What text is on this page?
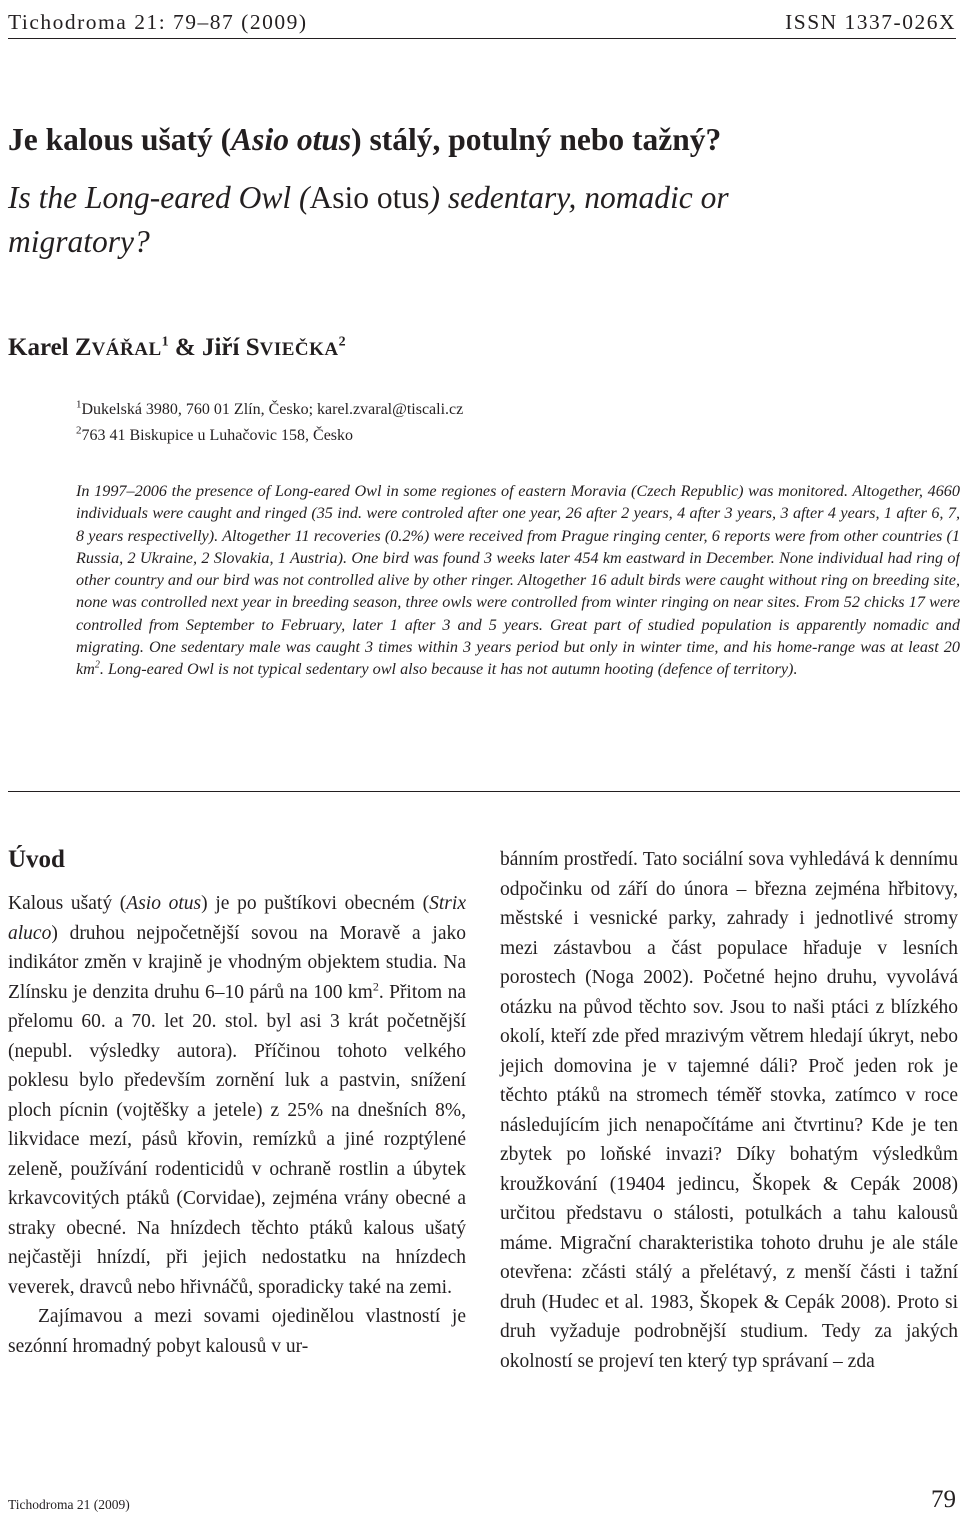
Tichodroma 21: 79–87 (2009)	ISSN 1337-026X
Je kalous ušatý (Asio otus) stálý, potulný nebo tažný?
Is the Long-eared Owl (Asio otus) sedentary, nomadic or migratory?
Karel ZVÁŘAL$^1$ & Jiří SVIEČKA$^2$
$^1$Dukelská 3980, 760 01 Zlín, Česko; karel.zvaral@tiscali.cz
$^2$763 41 Biskupice u Luhačovic 158, Česko

In 1997–2006 the presence of Long-eared Owl in some regiones of eastern Moravia (Czech Republic) was monitored. Altogether, 4660 individuals were caught and ringed (35 ind. were controled after one year, 26 after 2 years, 4 after 3 years, 3 after 4 years, 1 after 6, 7, 8 years respectivelly). Altogether 11 recoveries (0.2%) were received from Prague ringing center, 6 reports were from other countries (1 Russia, 2 Ukraine, 2 Slovakia, 1 Austria). One bird was found 3 weeks later 454 km eastward in December. None individual had ring of other country and our bird was not controlled alive by other ringer. Altogether 16 adult birds were caught without ring on breeding site, none was controlled next year in breeding season, three owls were controlled from winter ringing on near sites. From 52 chicks 17 were controlled from September to February, later 1 after 3 and 5 years. Great part of studied population is apparently nomadic and migrating. One sedentary male was caught 3 times within 3 years period but only in winter time, and his home-range was at least 20 $km^2$. Long-eared Owl is not typical sedentary owl also because it has not autumn hooting (defence of territory).

Úvod

Kalous ušatý (Asio otus) je po puštíkovi obecném (Strix aluco) druhou nejpočetnější sovou na Moravě a jako indikátor změn v krajině je vhodným objektem studia. Na Zlínsku je denzita druhu 6–10 párů na 100 $km^2$. Přitom na přelomu 60. a 70. let 20. stol. byl asi 3 krát početnější (nepubl. výsledky autora). Příčinou tohoto velkého poklesu bylo především zornění luk a pastvin, snížení ploch pícnin (vojtěšky a jetele) z 25% na dnešních 8%, likvidace mezí, pásů křovin, remízků a jiné rozptýlené zeleně, používání rodenticidů v ochraně rostlin a úbytek krkavcovitých ptáků (Corvidae), zejména vrány obecné a straky obecné. Na hnízdech těchto ptáků kalous ušatý nejčastěji hnízdí, při jejich nedostatku na hnízdech veverek, dravců nebo hřivnáčů, sporadicky také na zemi.

Zajímavou a mezi sovami ojedinělou vlastností je sezónní hromadný pobyt kalousů v ur-

bánním prostředí. Tato sociální sova vyhledává k dennímu odpočinku od září do února – března zejména hřbitovy, městské i vesnické parky, zahrady i jednotlivé stromy mezi zástavbou a část populace hřaduje v lesních porostech (Noga 2002). Početné hejno druhu, vyvolává otázku na původ těchto sov. Jsou to naši ptáci z blízkého okolí, kteří zde před mrazivým větrem hledají úkryt, nebo jejich domovina je v tajemné dáli? Proč jeden rok je těchto ptáků na stromech téměř stovka, zatímco v roce následujícím jich nenapočítáme ani čtvrtinu? Kde je ten zbytek po loňské invazi? Díky bohatým výsledkům kroužkování (19404 jedincu, Škopek & Cepák 2008) určitou představu o stálosti, potulkách a tahu kalousů máme. Migrační charakteristika tohoto druhu je ale stále otevřena: zčásti stálý a přelétavý, z menší části i tažní druh (Hudec et al. 1983, Škopek & Cepák 2008). Proto si druh vyžaduje podrobnější studium. Tedy za jakých okolností se projeví ten který typ správaní – zda

Tichodroma 21 (2009)	79
